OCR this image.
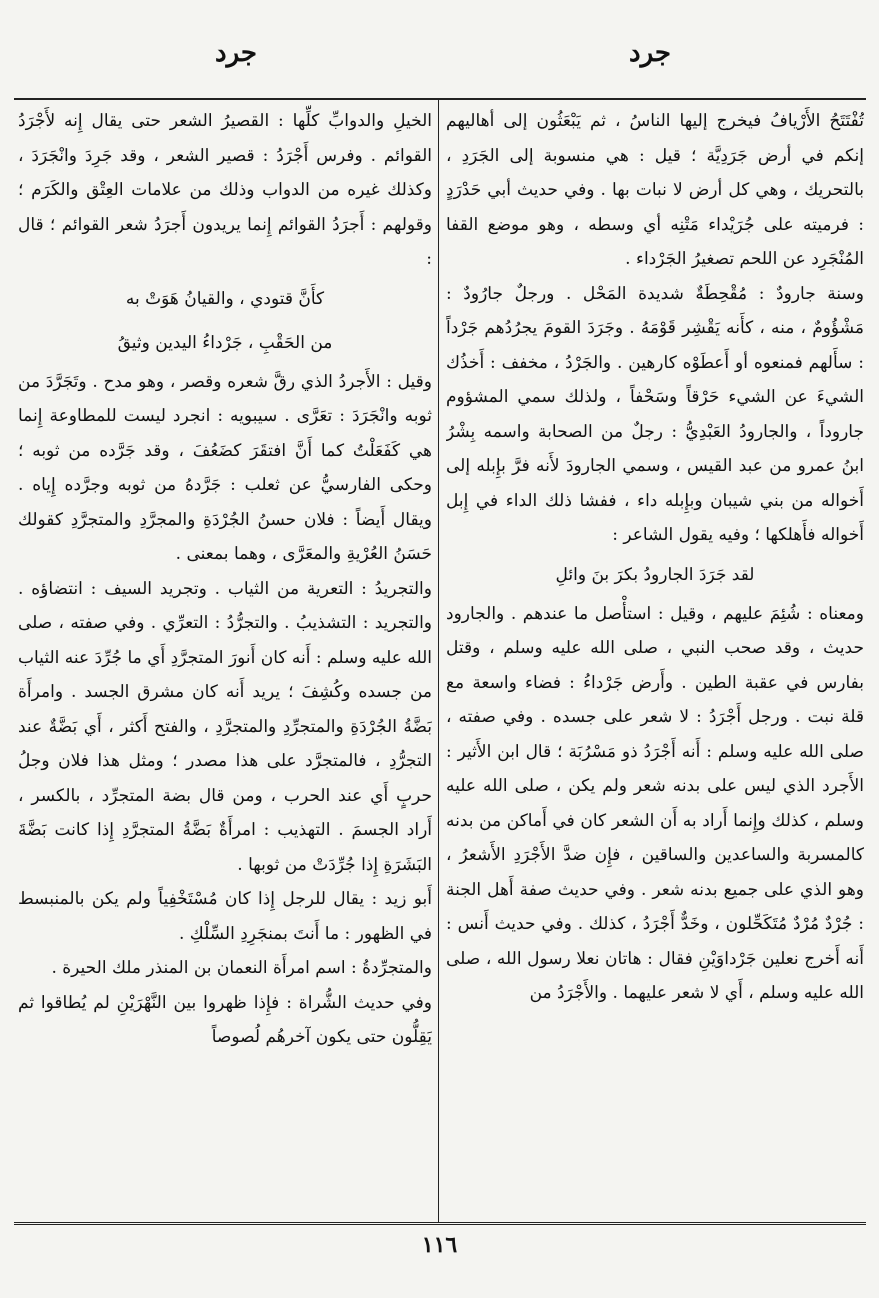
جرد
جرد

تُفْتَتَحُ الأَرْيافُ فيخرج إليها الناسُ ، ثم يَبْعَثُون إلى أهاليهم إنكم في أرض جَرَدِيَّة ؛ قيل : هي منسوبة إلى الجَرَدِ ، بالتحريك ، وهي كل أرض لا نبات بها . وفي حديث أبي حَدْرَدٍ : فرميته على جُرَيْداء مَتْنِه أي وسطه ، وهو موضع القفا المُنْجَرِد عن اللحم تصغيرُ الجَرْداء .

وسنة جارودٌ : مُقْحِطَةٌ شديدة المَحْل . ورجلٌ جارُودٌ : مَشْؤُومٌ ، منه ، كأَنه يَقْشِر قَوْمَهُ . وجَرَدَ القومَ يجرُدُهم جَرْداً : سأَلهم فمنعوه أو أَعطَوْه كارهين . والجَرْدُ ، مخفف : أَخذُك الشيءَ عن الشيء حَرْقاً وسَحْفاً ، ولذلك سمي المشؤوم جاروداً ، والجارودُ العَبْدِيُّ : رجلٌ من الصحابة واسمه بِشْرُ ابنُ عمرو من عبد القيس ، وسمي الجارودَ لأَنه فرَّ بإِبله إلى أَخواله من بني شيبان وبإِبله داء ، ففشا ذلك الداء في إِبل أَخواله فأَهلكها ؛ وفيه يقول الشاعر :

لقد جَرَدَ الجارودُ بكرَ بنَ وائلِ

ومعناه : شُئِمَ عليهم ، وقيل : استأْصل ما عندهم . والجارود حديث ، وقد صحب النبي ، صلى الله عليه وسلم ، وقتل بفارس في عقبة الطين . وأَرض جَرْداءُ : فضاء واسعة مع قلة نبت . ورجل أَجْرَدُ : لا شعر على جسده . وفي صفته ، صلى الله عليه وسلم : أَنه أَجْرَدُ ذو مَسْرُبَة ؛ قال ابن الأَثير : الأَجرد الذي ليس على بدنه شعر ولم يكن ، صلى الله عليه وسلم ، كذلك وإِنما أَراد به أَن الشعر كان في أَماكن من بدنه كالمسربة والساعدين والساقين ، فإِن ضدَّ الأَجْرَدِ الأَشعرُ ، وهو الذي على جميع بدنه شعر . وفي حديث صفة أَهل الجنة : جُرْدٌ مُرْدٌ مُتَكَحِّلون ، وخَدٌّ أَجْرَدُ ، كذلك . وفي حديث أَنس : أَنه أَخرج نعلين جَرْداوَيْنِ فقال : هاتان نعلا رسول الله ، صلى الله عليه وسلم ، أَي لا شعر عليهما . والأَجْرَدُ من

الخيلِ والدوابِّ كلِّها : القصيرُ الشعر حتى يقال إِنه لأَجْرَدُ القوائم . وفرس أَجْرَدُ : قصير الشعر ، وقد جَرِدَ وانْجَرَدَ ، وكذلك غيره من الدواب وذلك من علامات العِتْق والكَرَم ؛ وقولهم : أَجرَدُ القوائم إِنما يريدون أَجرَدُ شعر القوائم ؛ قال :

كأَنَّ قتودي ، والقيانُ هَوَتْ به
من الحَقْبِ ، جَرْداءُ اليدين وثيقُ

وقيل : الأَجردُ الذي رقَّ شعره وقصر ، وهو مدح . وتَجَرَّدَ من ثوبه وانْجَرَدَ : تعَرَّى . سيبويه : انجرد ليست للمطاوعة إِنما هي كَفَعَلْتُ كما أَنَّ افتقَرَ كضَعُفَ ، وقد جَرَّده من ثوبه ؛ وحكى الفارسيُّ عن ثعلب : جَرَّدهُ من ثوبه وجرَّده إِياه . ويقال أَيضاً : فلان حسنُ الجُرْدَةِ والمجرَّدِ والمتجرَّدِ كقولك حَسَنُ العُرْيةِ والمعَرَّى ، وهما بمعنى .

والتجريدُ : التعرية من الثياب . وتجريد السيف : انتضاؤه . والتجريد : التشذيبُ . والتجرُّدُ : التعرِّي . وفي صفته ، صلى الله عليه وسلم : أَنه كان أَنورَ المتجرَّدِ أَي ما جُرِّدَ عنه الثياب من جسده وكُشِفَ ؛ يريد أَنه كان مشرق الجسد . وامرأَة بَضَّةُ الجُرْدَةِ والمتجرِّدِ والمتجرَّدِ ، والفتح أَكثر ، أَي بَضَّةٌ عند التجرُّدِ ، فالمتجرَّد على هذا مصدر ؛ ومثل هذا فلان وجلُ حربٍ أَي عند الحرب ، ومن قال بضة المتجرِّد ، بالكسر ، أَراد الجسمَ . التهذيب : امرأَةٌ بَضَّةُ المتجرَّدِ إِذا كانت بَضَّةَ البَشَرَةِ إِذا جُرِّدَتْ من ثوبها .

أَبو زيد : يقال للرجل إِذا كان مُسْتَخْفِياً ولم يكن بالمنبسط في الظهور : ما أَنتَ بمنجَرِدِ السِّلْكِ .

والمتجرِّدةُ : اسم امرأَة النعمان بن المنذر ملك الحيرة .

وفي حديث الشُّراة : فإِذا ظهروا بين النَّهْرَيْنِ لم يُطاقوا ثم يَقِلُّون حتى يكون آخرهُم لُصوصاً

١١٦
